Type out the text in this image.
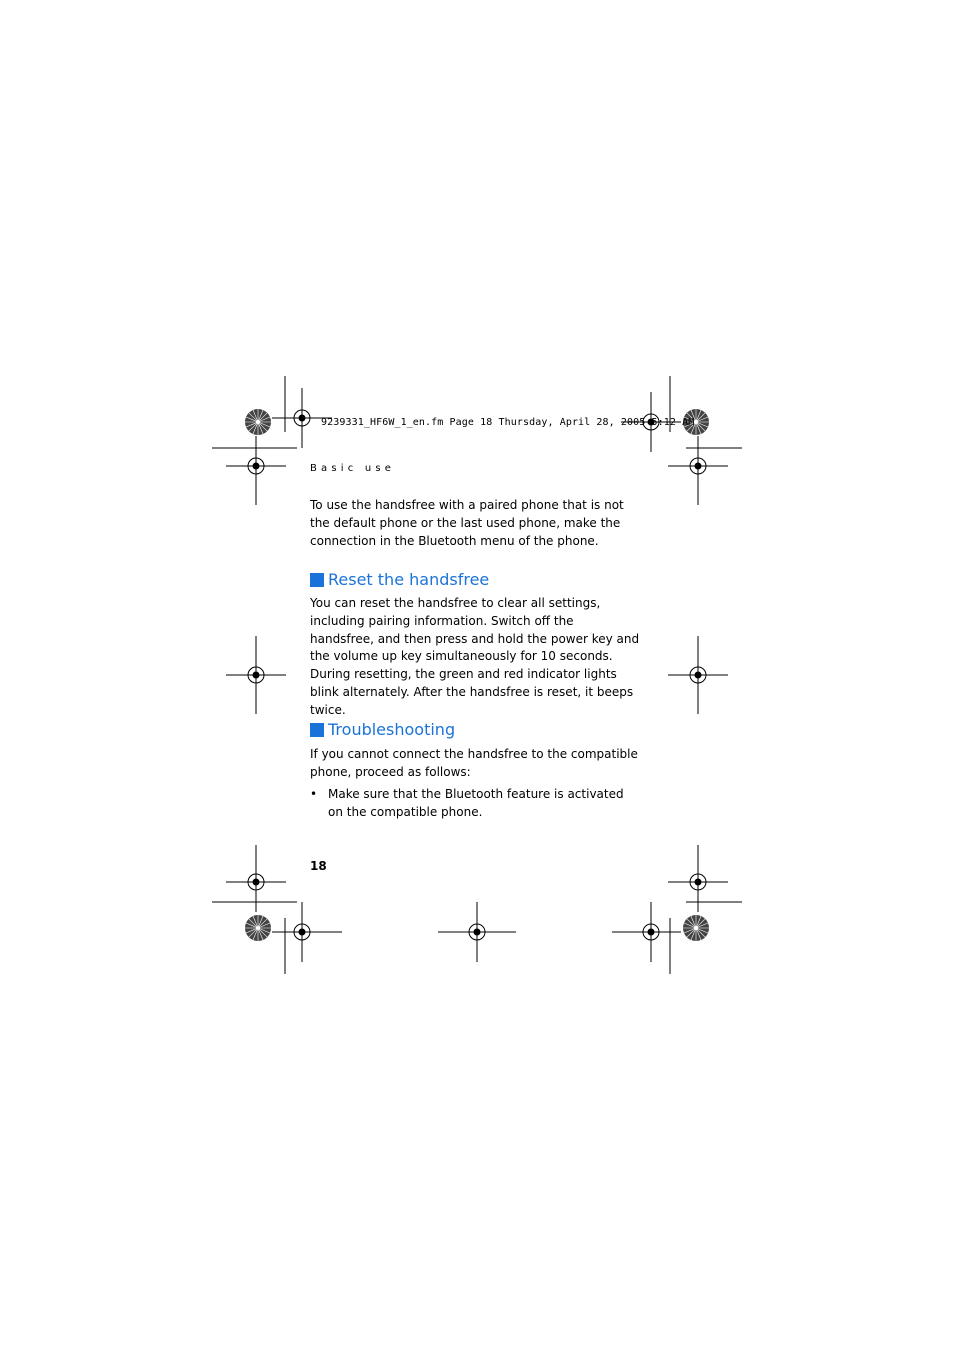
9239331_HF6W_1_en.fm Page 18 Thursday, April 28, 2005 5:12 AM
Basic use

To use the handsfree with a paired phone that is not the default phone or the last used phone, make the connection in the Bluetooth menu of the phone.

Reset the handsfree

You can reset the handsfree to clear all settings, including pairing information. Switch off the handsfree, and then press and hold the power key and the volume up key simultaneously for 10 seconds. During resetting, the green and red indicator lights blink alternately. After the handsfree is reset, it beeps twice.

Troubleshooting

If you cannot connect the handsfree to the compatible phone, proceed as follows:

• Make sure that the Bluetooth feature is activated on the compatible phone.
18
